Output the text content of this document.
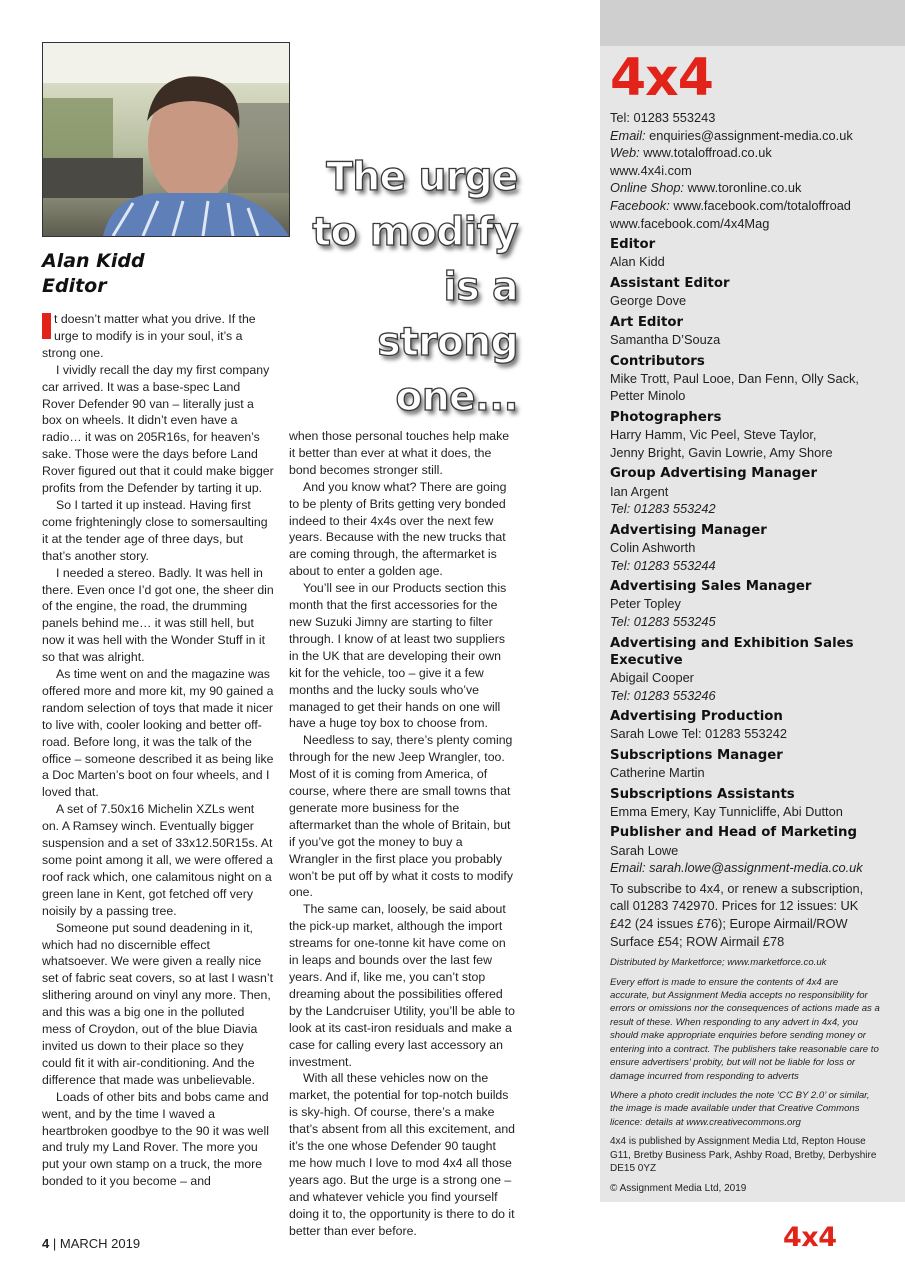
Alan Kidd
Editor
The urge
to modify
is a strong
one...

t doesn’t matter what you drive. If the urge to modify is in your soul, it’s a strong one.

I vividly recall the day my first company car arrived. It was a base-spec Land Rover Defender 90 van – literally just a box on wheels. It didn’t even have a radio… it was on 205R16s, for heaven’s sake. Those were the days before Land Rover figured out that it could make bigger profits from the Defender by tarting it up.

So I tarted it up instead. Having first come frighteningly close to somersaulting it at the tender age of three days, but that’s another story.

I needed a stereo. Badly. It was hell in there. Even once I’d got one, the sheer din of the engine, the road, the drumming panels behind me… it was still hell, but now it was hell with the Wonder Stuff in it so that was alright.

As time went on and the magazine was offered more and more kit, my 90 gained a random selection of toys that made it nicer to live with, cooler looking and better off-road. Before long, it was the talk of the office – someone described it as being like a Doc Marten’s boot on four wheels, and I loved that.

A set of 7.50x16 Michelin XZLs went on. A Ramsey winch. Eventually bigger suspension and a set of 33x12.50R15s. At some point among it all, we were offered a roof rack which, one calamitous night on a green lane in Kent, got fetched off very noisily by a passing tree.

Someone put sound deadening in it, which had no discernible effect whatsoever. We were given a really nice set of fabric seat covers, so at last I wasn’t slithering around on vinyl any more. Then, and this was a big one in the polluted mess of Croydon, out of the blue Diavia invited us down to their place so they could fit it with air-conditioning. And the difference that made was unbelievable.

Loads of other bits and bobs came and went, and by the time I waved a heartbroken goodbye to the 90 it was well and truly my Land Rover. The more you put your own stamp on a truck, the more bonded to it you become – and

when those personal touches help make it better than ever at what it does, the bond becomes stronger still.

And you know what? There are going to be plenty of Brits getting very bonded indeed to their 4x4s over the next few years. Because with the new trucks that are coming through, the aftermarket is about to enter a golden age.

You’ll see in our Products section this month that the first accessories for the new Suzuki Jimny are starting to filter through. I know of at least two suppliers in the UK that are developing their own kit for the vehicle, too – give it a few months and the lucky souls who’ve managed to get their hands on one will have a huge toy box to choose from.

Needless to say, there’s plenty coming through for the new Jeep Wrangler, too. Most of it is coming from America, of course, where there are small towns that generate more business for the aftermarket than the whole of Britain, but if you’ve got the money to buy a Wrangler in the first place you probably won’t be put off by what it costs to modify one.

The same can, loosely, be said about the pick-up market, although the import streams for one-tonne kit have come on in leaps and bounds over the last few years. And if, like me, you can’t stop dreaming about the possibilities offered by the Landcruiser Utility, you’ll be able to look at its cast-iron residuals and make a case for calling every last accessory an investment.

With all these vehicles now on the market, the potential for top-notch builds is sky-high. Of course, there’s a make that’s absent from all this excitement, and it’s the one whose Defender 90 taught me how much I love to mod 4x4 all those years ago. But the urge is a strong one – and whatever vehicle you find yourself doing it to, the opportunity is there to do it better than ever before.

4x4
Tel: 01283 553243
Email: enquiries@assignment-media.co.uk
Web: www.totaloffroad.co.uk
www.4x4i.com
Online Shop: www.toronline.co.uk
Facebook: www.facebook.com/totaloffroad
www.facebook.com/4x4Mag
Editor
Alan Kidd
Assistant Editor
George Dove
Art Editor
Samantha D’Souza
Contributors
Mike Trott, Paul Looe, Dan Fenn, Olly Sack,
Petter Minolo
Photographers
Harry Hamm, Vic Peel, Steve Taylor,
Jenny Bright, Gavin Lowrie, Amy Shore
Group Advertising Manager
Ian Argent
Tel: 01283 553242
Advertising Manager
Colin Ashworth
Tel: 01283 553244
Advertising Sales Manager
Peter Topley
Tel: 01283 553245
Advertising and Exhibition Sales Executive
Abigail Cooper
Tel: 01283 553246
Advertising Production
Sarah Lowe Tel: 01283 553242
Subscriptions Manager
Catherine Martin
Subscriptions Assistants
Emma Emery, Kay Tunnicliffe, Abi Dutton
Publisher and Head of Marketing
Sarah Lowe
Email: sarah.lowe@assignment-media.co.uk
To subscribe to 4x4, or renew a subscription, call 01283 742970. Prices for 12 issues: UK £42 (24 issues £76); Europe Airmail/ROW Surface £54; ROW Airmail £78
Distributed by Marketforce; www.marketforce.co.uk
Every effort is made to ensure the contents of 4x4 are accurate, but Assignment Media accepts no responsibility for errors or omissions nor the consequences of actions made as a result of these. When responding to any advert in 4x4, you should make appropriate enquiries before sending money or entering into a contract. The publishers take reasonable care to ensure advertisers’ probity, but will not be liable for loss or damage incurred from responding to adverts
Where a photo credit includes the note ‘CC BY 2.0’ or similar, the image is made available under that Creative Commons licence: details at www.creativecommons.org
4x4 is published by Assignment Media Ltd, Repton House G11, Bretby Business Park, Ashby Road, Bretby, Derbyshire DE15 0YZ
© Assignment Media Ltd, 2019
4 | MARCH 2019	4x4
